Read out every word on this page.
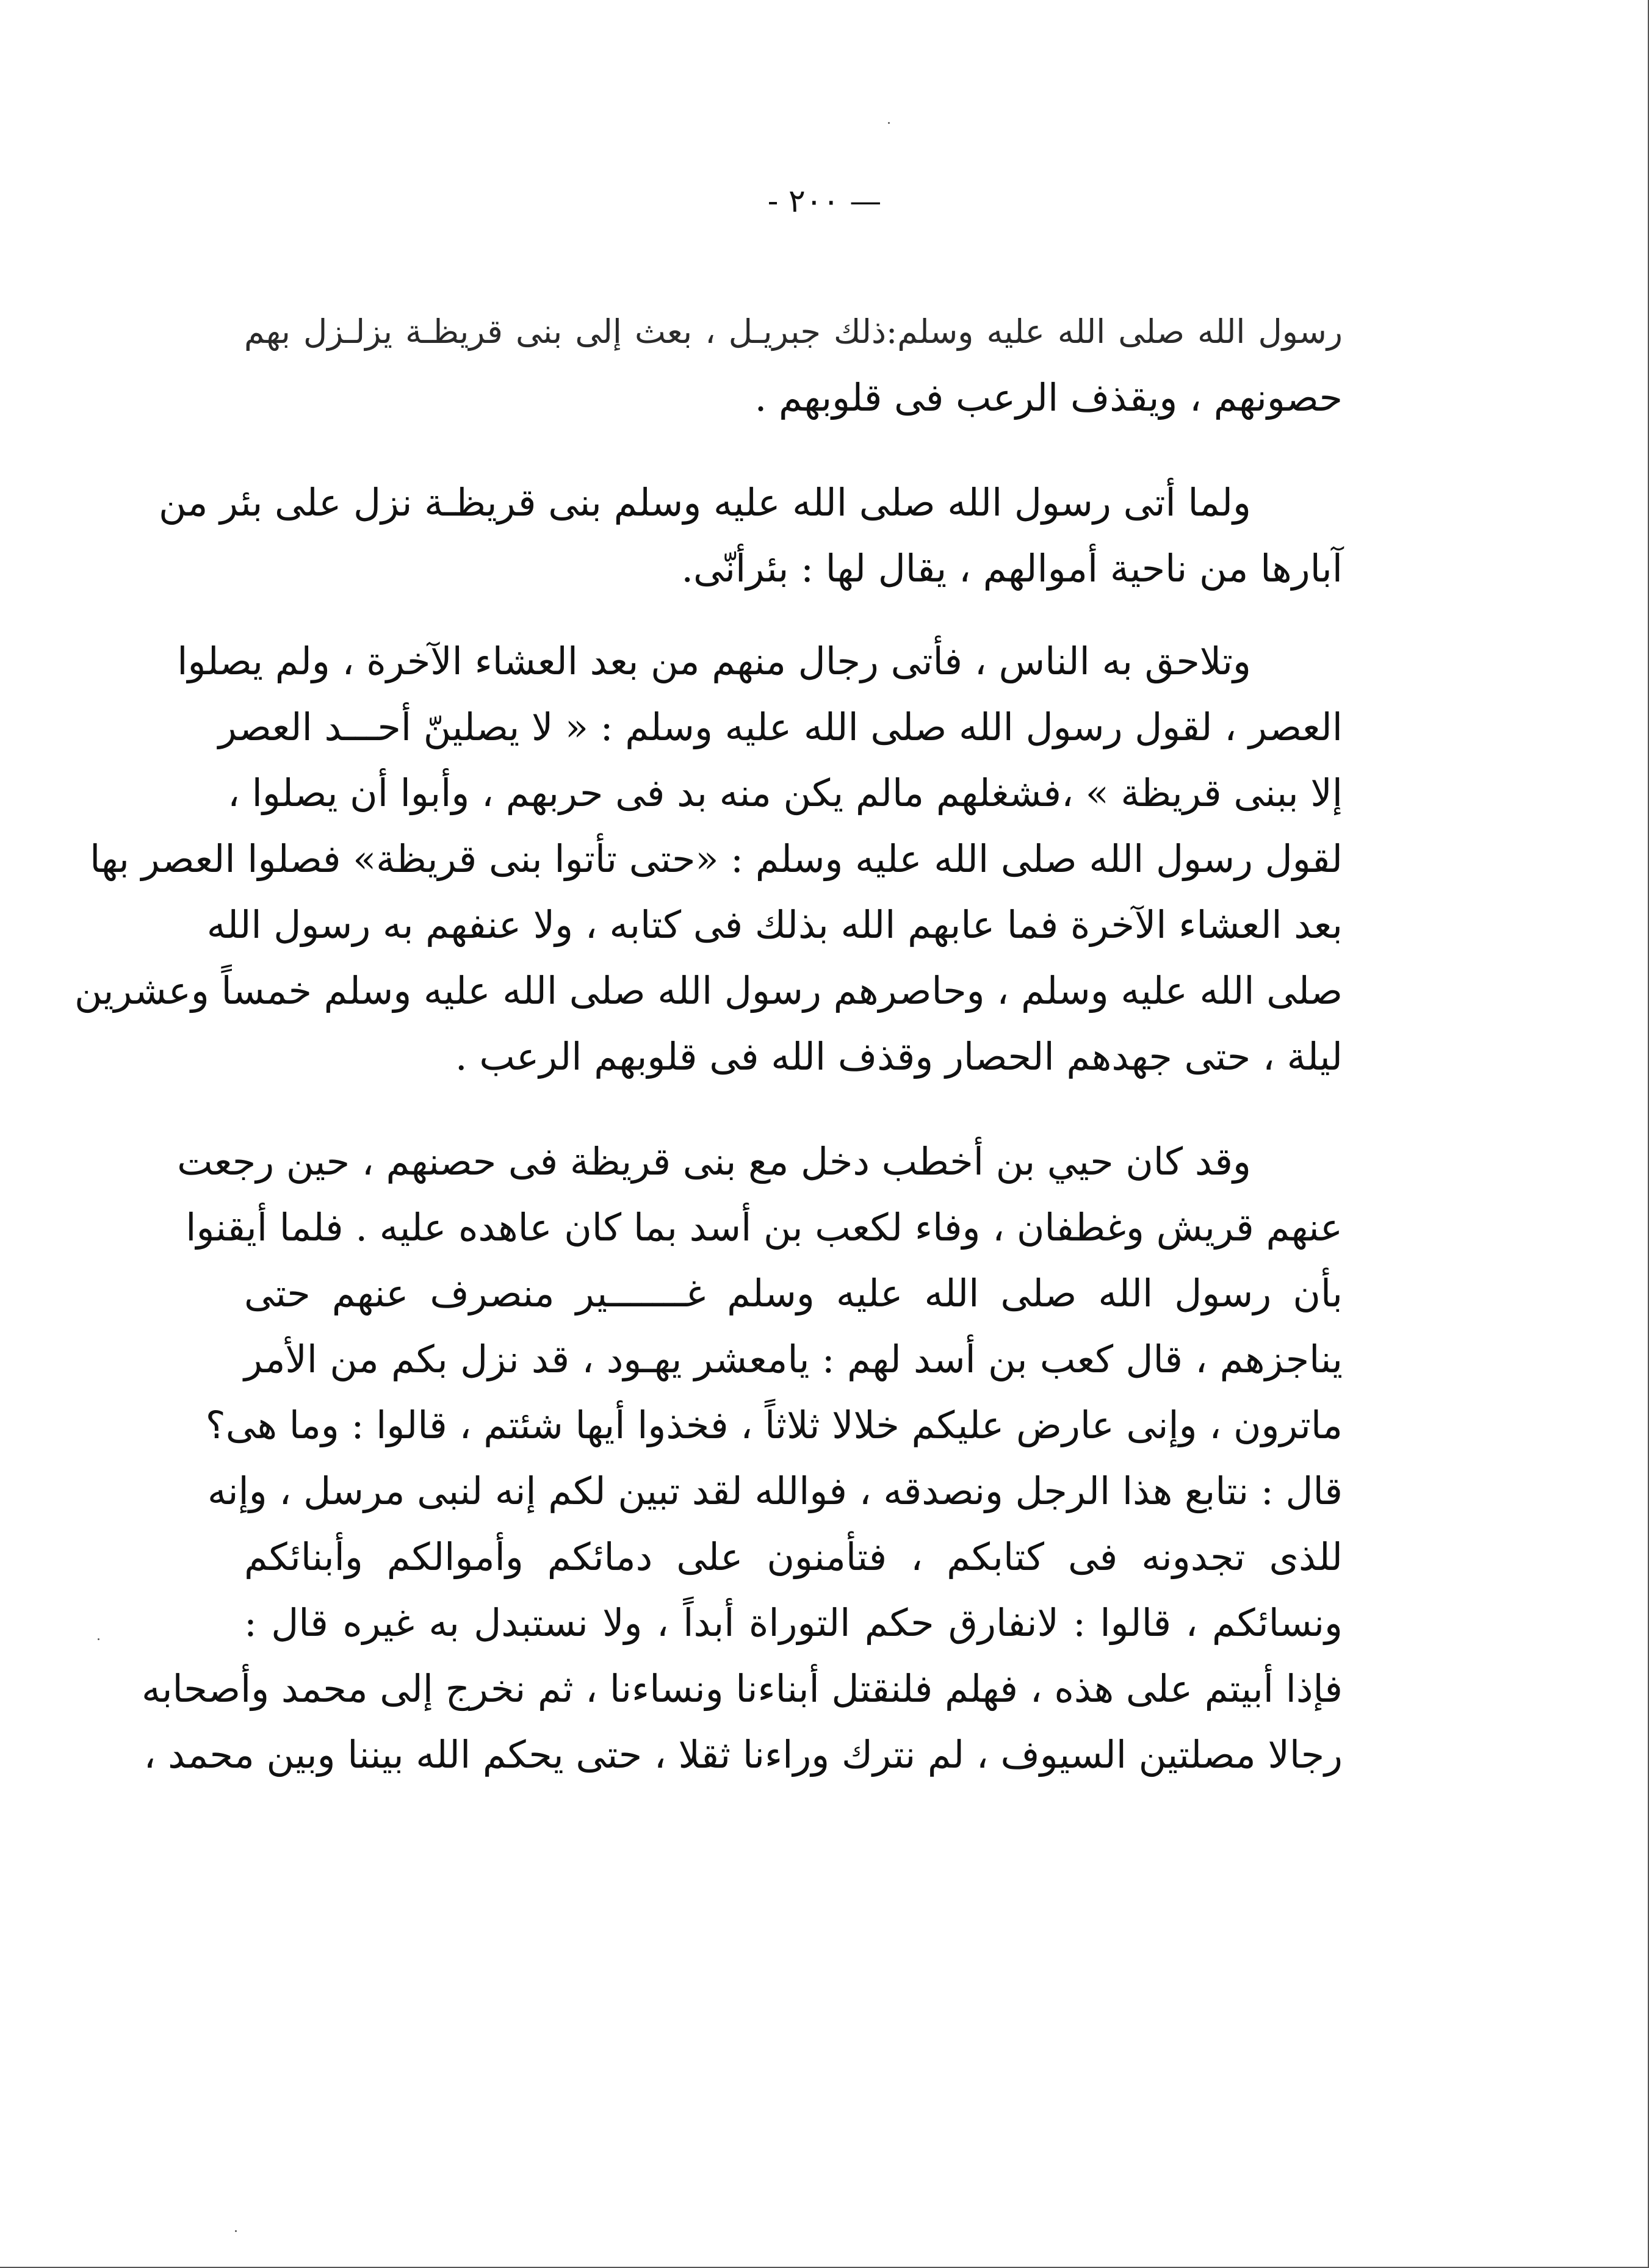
— ٢٠٠ -
رسول الله صلى الله عليه وسلم:ذلك جبريـل ، بعث إلى بنى قريظـة يزلـزل بهم
حصونهم ، ويقذف الرعب فى قلوبهم .
ولما أتى رسول الله صلى الله عليه وسلم بنى قريظـة نزل على بئر من
آبارها من ناحية أموالهم ، يقال لها : بئرأنّى.
وتلاحق به الناس ، فأتى رجال منهم من بعد العشاء الآخرة ، ولم يصلوا
العصر ، لقول رسول الله صلى الله عليه وسلم : « لا يصلينّ أحـــد العصر
إلا ببنى قريظة » ،فشغلهم مالم يكن منه بد فى حربهم ، وأبوا أن يصلوا ،
لقول رسول الله صلى الله عليه وسلم : «حتى تأتوا بنى قريظة» فصلوا العصر بها
بعد العشاء الآخرة فما عابهم الله بذلك فى كتابه ، ولا عنفهم به رسول الله
صلى الله عليه وسلم ، وحاصرهم رسول الله صلى الله عليه وسلم خمساً وعشرين
ليلة ، حتى جهدهم الحصار وقذف الله فى قلوبهم الرعب .
وقد كان حيي بن أخطب دخل مع بنى قريظة فى حصنهم ، حين رجعت
عنهم قريش وغطفان ، وفاء لكعب بن أسد بما كان عاهده عليه . فلما أيقنوا
بأن رسول الله صلى الله عليه وسلم غـــــــير منصرف عنهم حتى
يناجزهم ، قال كعب بن أسد لهم : يامعشر يهـود ، قد نزل بكم من الأمر
ماترون ، وإنى عارض عليكم خلالا ثلاثاً ، فخذوا أيها شئتم ، قالوا : وما هى؟
قال : نتابع هذا الرجل ونصدقه ، فوالله لقد تبين لكم إنه لنبى مرسل ، وإنه
للذى تجدونه فى كتابكم ، فتأمنون على دمائكم وأموالكم وأبنائكم
ونسائكم ، قالوا : لانفارق حكم التوراة أبداً ، ولا نستبدل به غيره قال :
فإذا أبيتم على هذه ، فهلم فلنقتل أبناءنا ونساءنا ، ثم نخرج إلى محمد وأصحابه
رجالا مصلتين السيوف ، لم نترك وراءنا ثقلا ، حتى يحكم الله بيننا وبين محمد ،
